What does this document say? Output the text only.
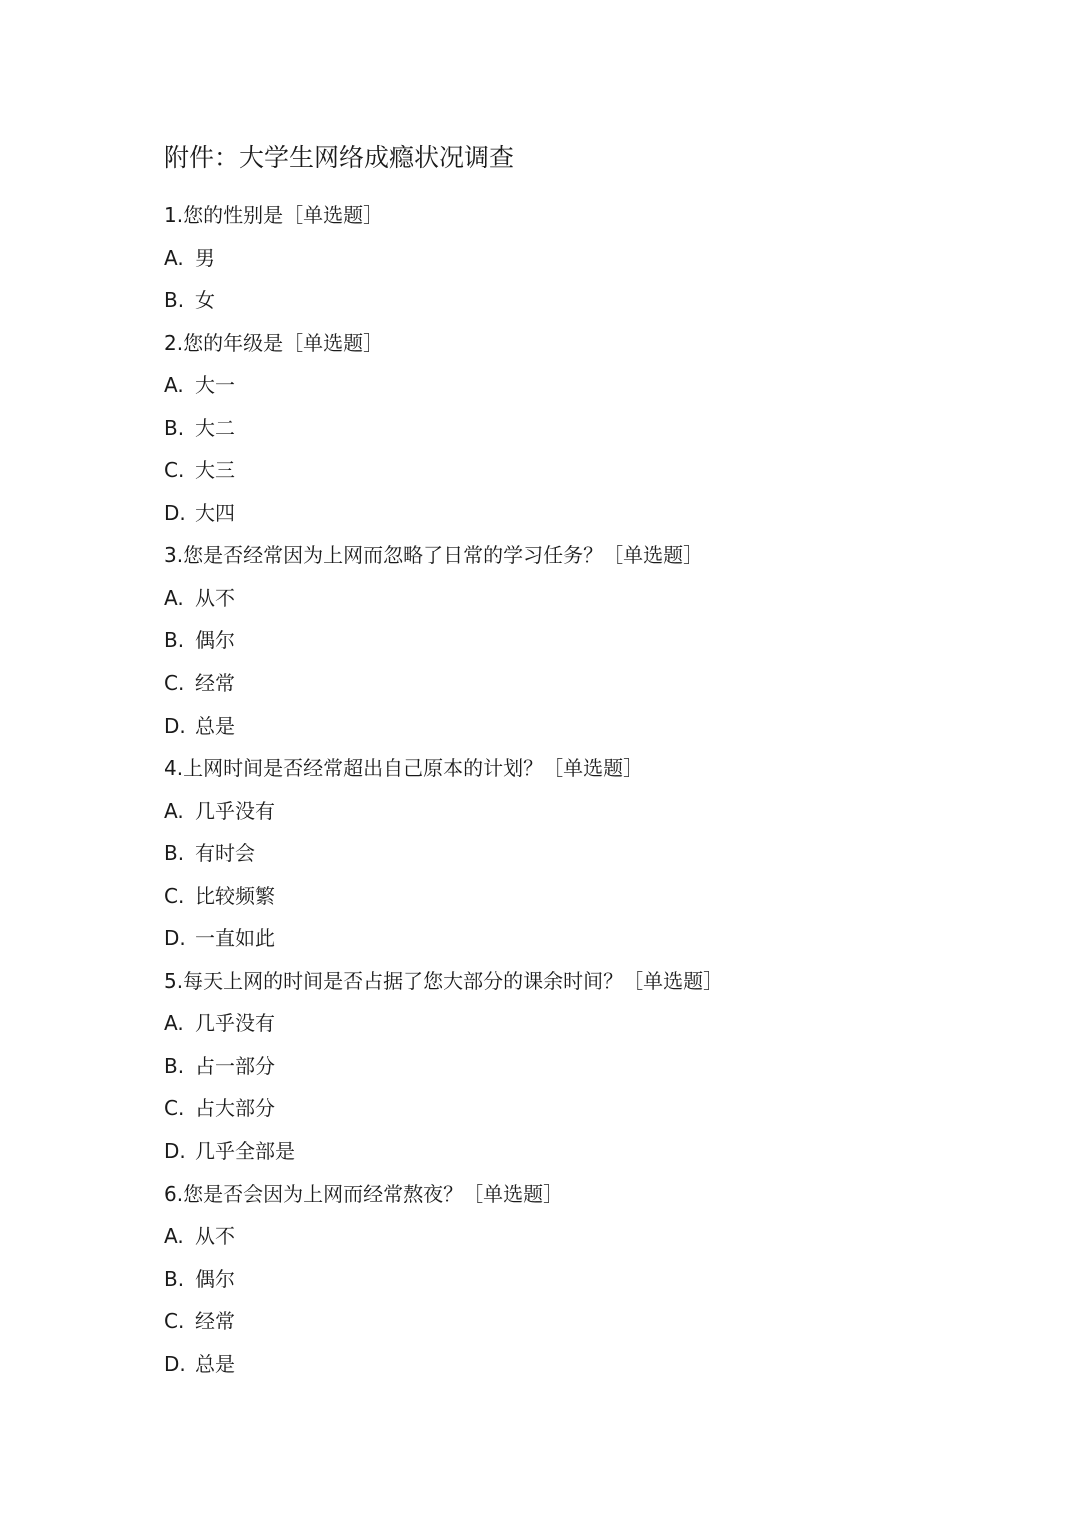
附件：大学生网络成瘾状况调查
1.您的性别是［单选题］
A. 男
B. 女
2.您的年级是［单选题］
A. 大一
B. 大二
C. 大三
D. 大四
3.您是否经常因为上网而忽略了日常的学习任务？［单选题］
A. 从不
B. 偶尔
C. 经常
D. 总是
4.上网时间是否经常超出自己原本的计划？［单选题］
A. 几乎没有
B. 有时会
C. 比较频繁
D. 一直如此
5.每天上网的时间是否占据了您大部分的课余时间？［单选题］
A. 几乎没有
B. 占一部分
C. 占大部分
D. 几乎全部是
6.您是否会因为上网而经常熬夜？［单选题］
A. 从不
B. 偶尔
C. 经常
D. 总是
